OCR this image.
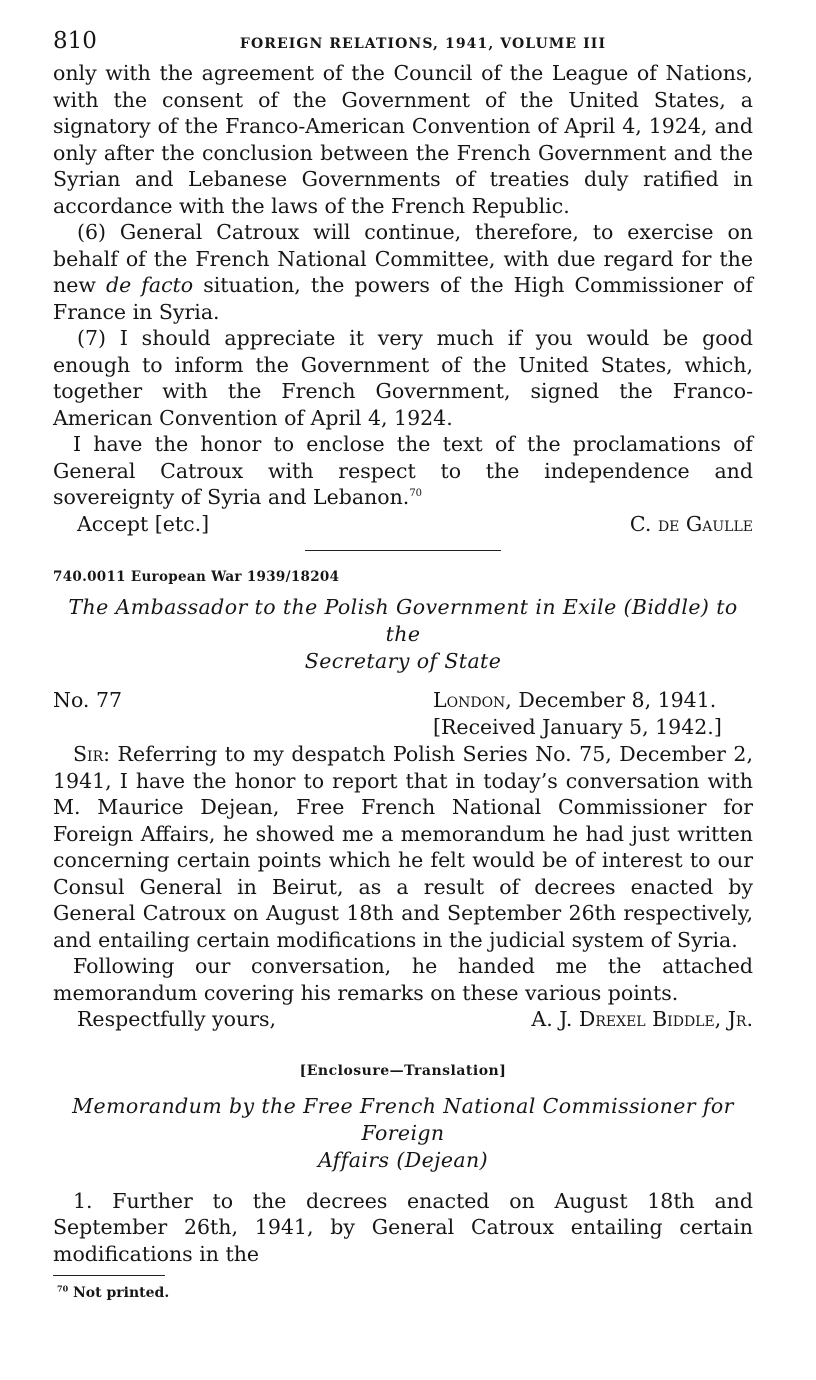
810	FOREIGN RELATIONS, 1941, VOLUME III

only with the agreement of the Council of the League of Nations, with the consent of the Government of the United States, a signatory of the Franco-American Convention of April 4, 1924, and only after the conclusion between the French Government and the Syrian and Lebanese Governments of treaties duly ratified in accordance with the laws of the French Republic.

(6) General Catroux will continue, therefore, to exercise on behalf of the French National Committee, with due regard for the new de facto situation, the powers of the High Commissioner of France in Syria.

(7) I should appreciate it very much if you would be good enough to inform the Government of the United States, which, together with the French Government, signed the Franco-American Convention of April 4, 1924.

I have the honor to enclose the text of the proclamations of General Catroux with respect to the independence and sovereignty of Syria and Lebanon.$^{70}$

Accept [etc.]	C. de Gaulle
740.0011 European War 1939/18204
The Ambassador to the Polish Government in Exile (Biddle) to the
Secretary of State
No. 77	London, December 8, 1941.
[Received January 5, 1942.]

Sir: Referring to my despatch Polish Series No. 75, December 2, 1941, I have the honor to report that in today’s conversation with M. Maurice Dejean, Free French National Commissioner for Foreign Affairs, he showed me a memorandum he had just written concerning certain points which he felt would be of interest to our Consul General in Beirut, as a result of decrees enacted by General Catroux on August 18th and September 26th respectively, and entailing certain modifications in the judicial system of Syria.

Following our conversation, he handed me the attached memorandum covering his remarks on these various points.

Respectfully yours,	A. J. Drexel Biddle, Jr.
[Enclosure—Translation]
Memorandum by the Free French National Commissioner for Foreign
Affairs (Dejean)

1. Further to the decrees enacted on August 18th and September 26th, 1941, by General Catroux entailing certain modifications in the

$^{70}$ Not printed.
